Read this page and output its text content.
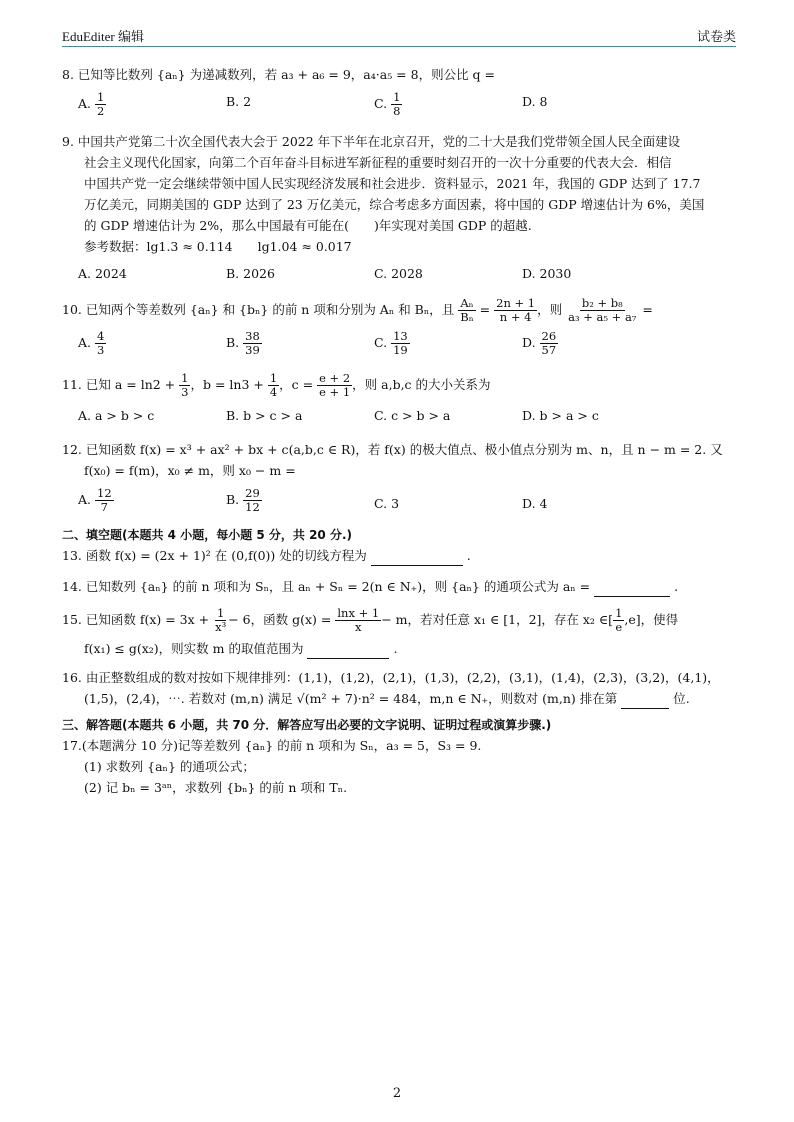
EduEditer 编辑	试卷类
8. 已知等比数列 {aₙ} 为递减数列，若 a₃ + a₆ = 9，a₄·a₅ = 8，则公比 q =
A. $\frac{1}{2}$	B. 2	C. $\frac{1}{8}$	D. 8
9. 中国共产党第二十次全国代表大会于 2022 年下半年在北京召开，党的二十大是我们党带领全国人民全面建设
社会主义现代化国家，向第二个百年奋斗目标进军新征程的重要时刻召开的一次十分重要的代表大会．相信
中国共产党一定会继续带领中国人民实现经济发展和社会进步．资料显示，2021 年，我国的 GDP 达到了 17.7
万亿美元，同期美国的 GDP 达到了 23 万亿美元，综合考虑多方面因素，将中国的 GDP 增速估计为 6%，美国
的 GDP 增速估计为 2%，那么中国最有可能在(　　)年实现对美国 GDP 的超越.
参考数据：lg1.3 ≈ 0.114　　lg1.04 ≈ 0.017
A. 2024	B. 2026	C. 2028	D. 2030
10. 已知两个等差数列 {aₙ} 和 {bₙ} 的前 n 项和分别为 Aₙ 和 Bₙ，且 $\frac{\text{Aₙ}}{\text{Bₙ}} = \frac{2n + 1}{n + 4}$ ，则 $\frac{\text{b₂ + b₈}}{\text{a₃ + a₅ + a₇}}$ =
A. $\frac{4}{3}$	B. $\frac{38}{39}$	C. $\frac{13}{19}$	D. $\frac{26}{57}$
11. 已知 $a = \ln 2 + \frac{1}{3}$ ，$b = \ln 3 + \frac{1}{4}$ ，$c = \frac{e + 2}{e + 1}$ ，则 a,b,c 的大小关系为
A. a > b > c	B. b > c > a	C. c > b > a	D. b > a > c
12. 已知函数 f(x) = x³ + ax² + bx + c(a,b,c ∈ R)，若 f(x) 的极大值点、极小值点分别为 m、n，且 n − m = 2. 又
f(x₀) = f(m)，x₀ ≠ m，则 x₀ − m =
A. $\frac{12}{7}$	B. $\frac{29}{12}$	C. 3	D. 4
二、填空题(本题共 4 小题，每小题 5 分，共 20 分.)
13. 函数 f(x) = (2x + 1)² 在 (0,f(0)) 处的切线方程为	.
14. 已知数列 {aₙ} 的前 n 项和为 Sₙ，且 aₙ + Sₙ = 2(n ∈ N₊)，则 {aₙ} 的通项公式为 aₙ =	.
15. 已知函数 $f(x) = 3x + \frac{1}{\text{x³}} - 6$，函数 $g(x) = \frac{\ln x + 1}{x} - m$，若对任意 x₁ ∈ [1，2]，存在 x₂ ∈[ $\frac{1}{e} ,e$]，使得
f(x₁) ≤ g(x₂)，则实数 m 的取值范围为	.
16. 由正整数组成的数对按如下规律排列：(1,1)，(1,2)，(2,1)，(1,3)，(2,2)，(3,1)，(1,4)，(2,3)，(3,2)，(4,1)，
(1,5)，(2,4)，⋯. 若数对 (m,n) 满足 √(m² + 7)·n² = 484，m,n ∈ N₊，则数对 (m,n) 排在第	位.
三、解答题(本题共 6 小题，共 70 分．解答应写出必要的文字说明、证明过程或演算步骤.)
17.(本题满分 10 分)记等差数列 {aₙ} 的前 n 项和为 Sₙ，a₃ = 5，S₃ = 9.
(1) 求数列 {aₙ} 的通项公式；
(2) 记 bₙ = 3ᵃⁿ，求数列 {bₙ} 的前 n 项和 Tₙ.
2
